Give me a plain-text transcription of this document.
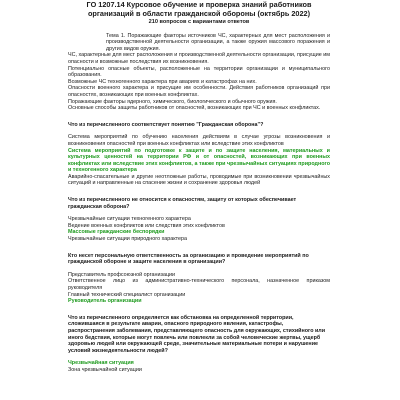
ГО 1207.14 Курсовое обучение и проверка знаний работников
организаций в области гражданской обороны (октябрь 2022)
210 вопросов с вариантами ответов
Тема 1. Поражающие факторы источников ЧС, характерных для мест расположения и производственной деятельности организации, а также оружия массового поражения и других видов оружия.

ЧС, характерные для мест расположения и производственной деятельности организации, присущие им опасности и возможные последствия их возникновения.

Потенциально опасные объекты, расположенные на территории организации и муниципального образования.

Возможные ЧС техногенного характера при авариях и катастрофах на них.

Опасности военного характера и присущие им особенности. Действия работников организаций при опасностях, возникающих при военных конфликтах.

Поражающие факторы ядерного, химического, биологического и обычного оружия.

Основные способы защиты работников от опасностей, возникающих при ЧС и военных конфликтах.

Что из перечисленного соответствует понятию "Гражданская оборона"?

Система мероприятий по обучению населения действиям в случае угрозы возникновения и возникновения опасностей при военных конфликтах или вследствие этих конфликтов

Система мероприятий по подготовке к защите и по защите населения, материальных и культурных ценностей на территории РФ и от опасностей, возникающих при военных конфликтах или вследствие этих конфликтов, а также при чрезвычайных ситуациях природного и техногенного характера

Аварийно-спасательные и другие неотложные работы, проводимые при возникновении чрезвычайных ситуаций и направленные на спасение жизни и сохранение здоровья людей

Что из перечисленного не относится к опасностям, защиту от которых обеспечивает гражданская оборона?

Чрезвычайные ситуации техногенного характера

Ведение военных конфликтов или следствия этих конфликтов

Массовые гражданские беспорядки

Чрезвычайные ситуации природного характера

Кто несет персональную ответственность за организацию и проведение мероприятий по гражданской обороне и защите населения в организации?

Представитель профсоюзной организации

Ответственное лицо из административно-технического персонала, назначенное приказом руководителя

Главный технический специалист организации

Руководитель организации

Что из перечисленного определяется как обстановка на определенной территории, сложившаяся в результате аварии, опасного природного явления, катастрофы, распространения заболевания, представляющего опасность для окружающих, стихийного или иного бедствия, которые могут повлечь или повлекли за собой человеческие жертвы, ущерб здоровью людей или окружающей среде, значительные материальные потери и нарушение условий жизнедеятельности людей?

Чрезвычайная ситуация

Зона чрезвычайной ситуации
